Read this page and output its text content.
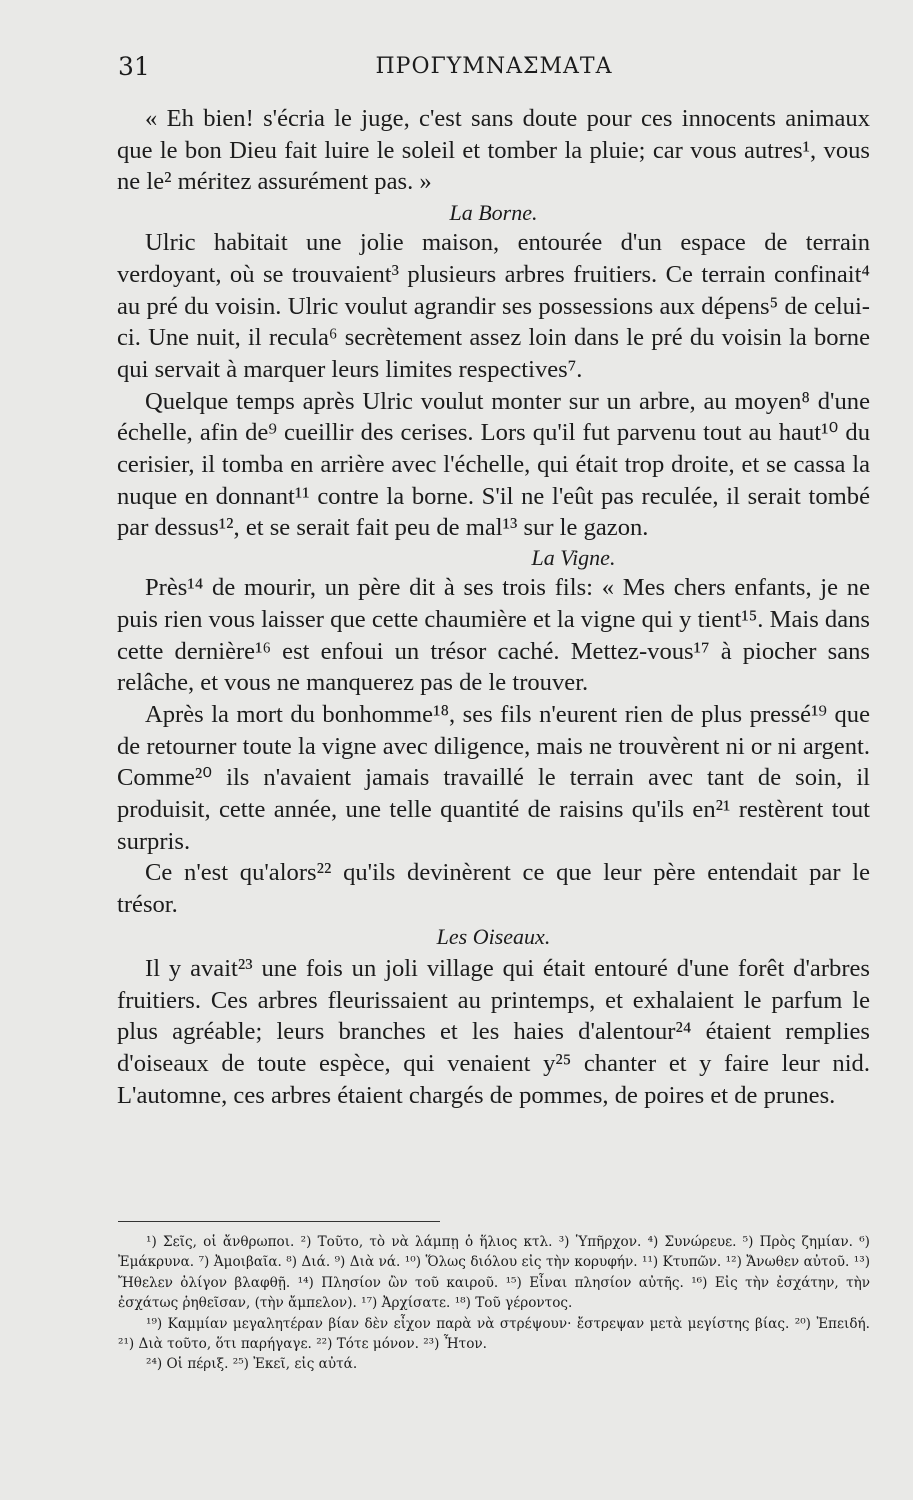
31	ΠΡΟΓΥΜΝΑΣΜΑΤΑ

« Eh bien! s'écria le juge, c'est sans doute pour ces innocents animaux que le bon Dieu fait luire le soleil et tomber la pluie; car vous autres¹, vous ne le² méritez assurément pas. »

La Borne.

Ulric habitait une jolie maison, entourée d'un espace de terrain verdoyant, où se trouvaient³ plusieurs arbres fruitiers. Ce terrain confinait⁴ au pré du voisin. Ulric voulut agrandir ses possessions aux dépens⁵ de celui-ci. Une nuit, il recula⁶ secrètement assez loin dans le pré du voisin la borne qui servait à marquer leurs limites respectives⁷.

Quelque temps après Ulric voulut monter sur un arbre, au moyen⁸ d'une échelle, afin de⁹ cueillir des cerises. Lors qu'il fut parvenu tout au haut¹⁰ du cerisier, il tomba en arrière avec l'échelle, qui était trop droite, et se cassa la nuque en donnant¹¹ contre la borne. S'il ne l'eût pas reculée, il serait tombé par dessus¹², et se serait fait peu de mal¹³ sur le gazon.

La Vigne.

Près¹⁴ de mourir, un père dit à ses trois fils: « Mes chers enfants, je ne puis rien vous laisser que cette chaumière et la vigne qui y tient¹⁵. Mais dans cette dernière¹⁶ est enfoui un trésor caché. Mettez-vous¹⁷ à piocher sans relâche, et vous ne manquerez pas de le trouver.

Après la mort du bonhomme¹⁸, ses fils n'eurent rien de plus pressé¹⁹ que de retourner toute la vigne avec diligence, mais ne trouvèrent ni or ni argent. Comme²⁰ ils n'avaient jamais travaillé le terrain avec tant de soin, il produisit, cette année, une telle quantité de raisins qu'ils en²¹ restèrent tout surpris.

Ce n'est qu'alors²² qu'ils devinèrent ce que leur père entendait par le trésor.

Les Oiseaux.

Il y avait²³ une fois un joli village qui était entouré d'une forêt d'arbres fruitiers. Ces arbres fleurissaient au printemps, et exhalaient le parfum le plus agréable; leurs branches et les haies d'alentour²⁴ étaient remplies d'oiseaux de toute espèce, qui venaient y²⁵ chanter et y faire leur nid. L'automne, ces arbres étaient chargés de pommes, de poires et de prunes.

¹) Σεῖς, οἱ ἄνθρωποι. ²) Τοῦτο, τὸ νὰ λάμπῃ ὁ ἥλιος κτλ. ³) Ὑπῆρχον. ⁴) Συνώρευε. ⁵) Πρὸς ζημίαν. ⁶) Ἐμάκρυνα. ⁷) Ἀμοιβαῖα. ⁸) Διά. ⁹) Διὰ νά. ¹⁰) Ὅλως διόλου εἰς τὴν κορυφήν. ¹¹) Κτυπῶν. ¹²) Ἄνωθεν αὐτοῦ. ¹³) Ἤθελεν ὀλίγον βλαφθῇ. ¹⁴) Πλησίον ὢν τοῦ καιροῦ. ¹⁵) Εἶναι πλησίον αὐτῆς. ¹⁶) Εἰς τὴν ἐσχάτην, τὴν ἐσχάτως ῥηθεῖσαν, (τὴν ἄμπελον). ¹⁷) Ἀρχίσατε. ¹⁸) Τοῦ γέροντος.

¹⁹) Καμμίαν μεγαλητέραν βίαν δὲν εἶχον παρὰ νὰ στρέψουν· ἔστρεψαν μετὰ μεγίστης βίας. ²⁰) Ἐπειδή. ²¹) Διὰ τοῦτο, ὅτι παρήγαγε. ²²) Τότε μόνον. ²³) Ἦτον.

²⁴) Οἱ πέριξ. ²⁵) Ἐκεῖ, εἰς αὐτά.
